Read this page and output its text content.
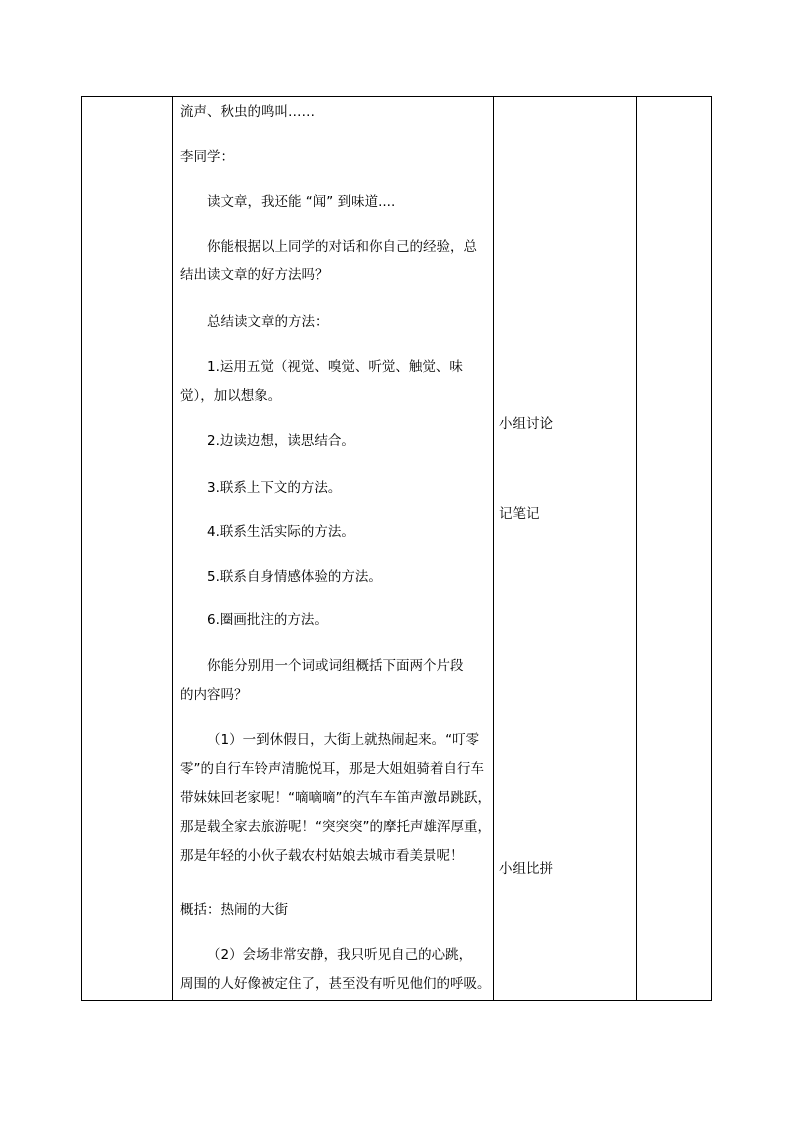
流声、秋虫的鸣叫……
李同学：
读文章，我还能 “闻” 到味道....
你能根据以上同学的对话和你自己的经验，总
结出读文章的好方法吗？
总结读文章的方法：
1.运用五觉（视觉、嗅觉、听觉、触觉、味
觉），加以想象。
2.边读边想，读思结合。
3.联系上下文的方法。
4.联系生活实际的方法。
5.联系自身情感体验的方法。
6.圈画批注的方法。
你能分别用一个词或词组概括下面两个片段
的内容吗？
（1）一到休假日，大街上就热闹起来。“叮零
零”的自行车铃声清脆悦耳，那是大姐姐骑着自行车
带妹妹回老家呢！“嘀嘀嘀”的汽车车笛声激昂跳跃，
那是载全家去旅游呢！“突突突”的摩托声雄浑厚重，
那是年轻的小伙子载农村姑娘去城市看美景呢！
概括：热闹的大街
（2）会场非常安静，我只听见自己的心跳，
周围的人好像被定住了，甚至没有听见他们的呼吸。
小组讨论
记笔记
小组比拼
